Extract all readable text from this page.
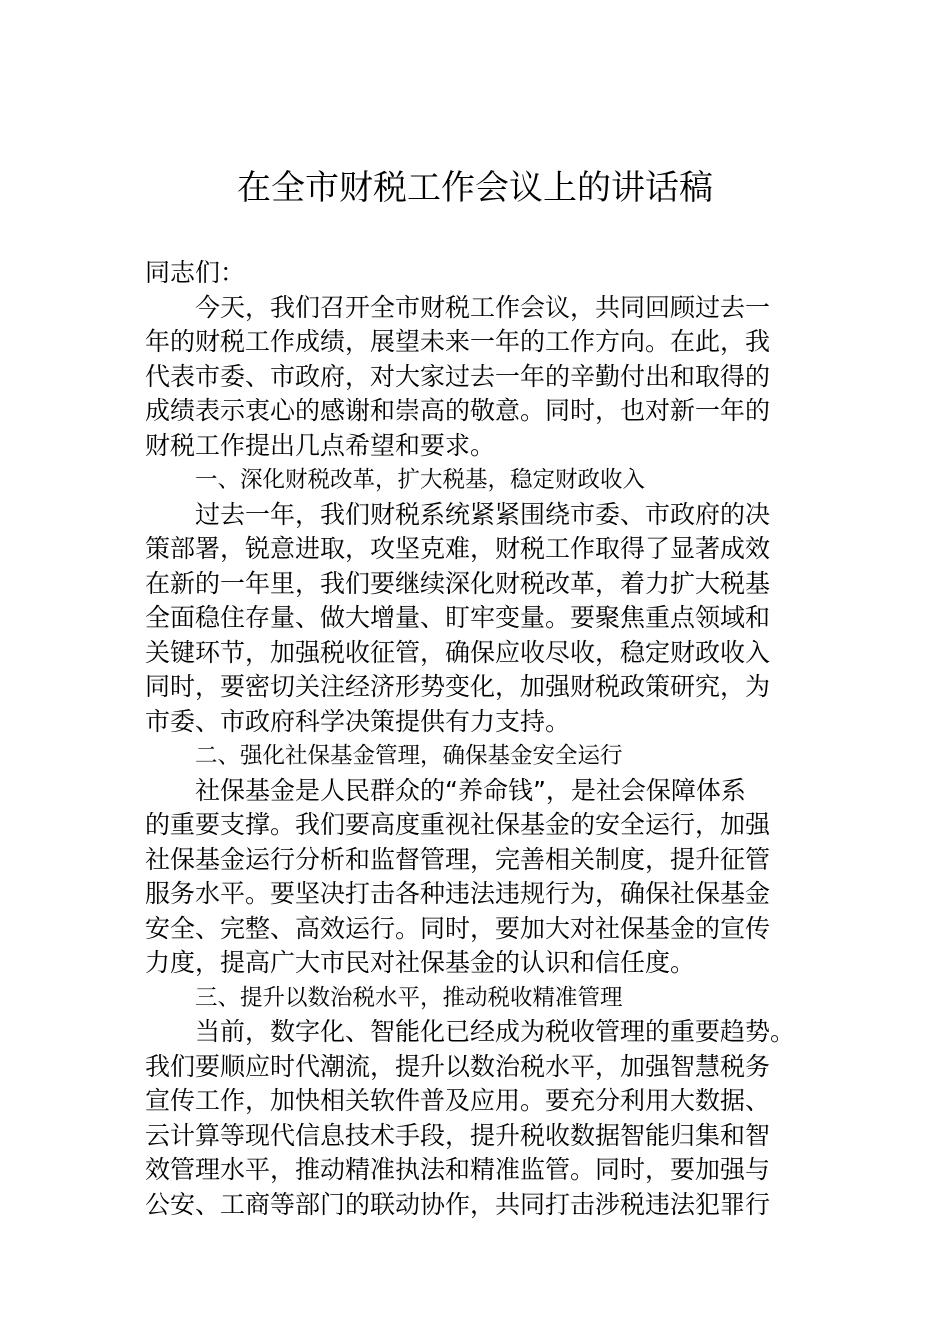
在全市财税工作会议上的讲话稿
同志们：
今天，我们召开全市财税工作会议，共同回顾过去一
年的财税工作成绩，展望未来一年的工作方向。在此，我
代表市委、市政府，对大家过去一年的辛勤付出和取得的
成绩表示衷心的感谢和崇高的敬意。同时，也对新一年的
财税工作提出几点希望和要求。
一、深化财税改革，扩大税基，稳定财政收入
过去一年，我们财税系统紧紧围绕市委、市政府的决
策部署，锐意进取，攻坚克难，财税工作取得了显著成效
在新的一年里，我们要继续深化财税改革，着力扩大税基
全面稳住存量、做大增量、盯牢变量。要聚焦重点领域和
关键环节，加强税收征管，确保应收尽收，稳定财政收入
同时，要密切关注经济形势变化，加强财税政策研究，为
市委、市政府科学决策提供有力支持。
二、强化社保基金管理，确保基金安全运行
社保基金是人民群众的“养命钱”，是社会保障体系
的重要支撑。我们要高度重视社保基金的安全运行，加强
社保基金运行分析和监督管理，完善相关制度，提升征管
服务水平。要坚决打击各种违法违规行为，确保社保基金
安全、完整、高效运行。同时，要加大对社保基金的宣传
力度，提高广大市民对社保基金的认识和信任度。
三、提升以数治税水平，推动税收精准管理
当前，数字化、智能化已经成为税收管理的重要趋势。
我们要顺应时代潮流，提升以数治税水平，加强智慧税务
宣传工作，加快相关软件普及应用。要充分利用大数据、
云计算等现代信息技术手段，提升税收数据智能归集和智
效管理水平，推动精准执法和精准监管。同时，要加强与
公安、工商等部门的联动协作，共同打击涉税违法犯罪行
